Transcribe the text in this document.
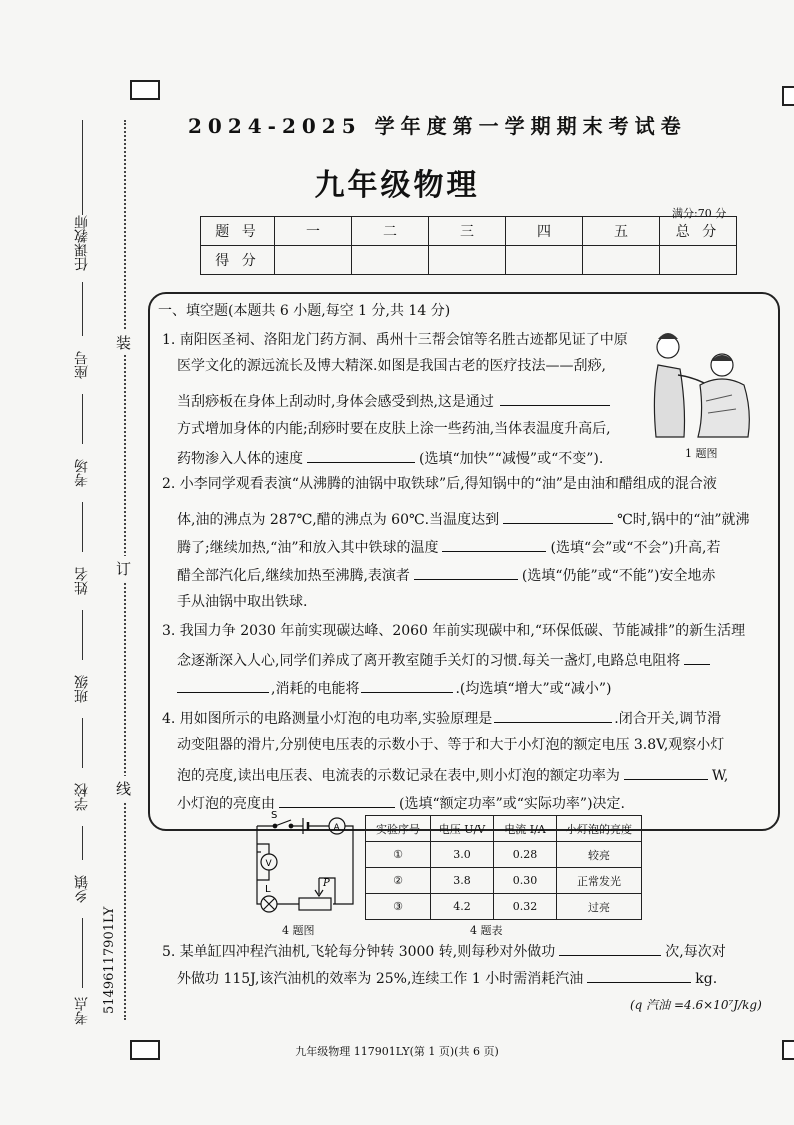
任课教师
座号
考场
姓名
班级
学校
乡镇
考点 51496117901LY
装
订
线
2024-2025 学年度第一学期期末考试卷
九年级物理
满分:70 分
题 号	一	二	三	四	五	总 分
得 分						
一、填空题(本题共 6 小题,每空 1 分,共 14 分)
1. 南阳医圣祠、洛阳龙门药方洞、禹州十三帮会馆等名胜古迹都见证了中原
医学文化的源远流长及博大精深.如图是我国古老的医疗技法——刮痧,
当刮痧板在身体上刮动时,身体会感受到热,这是通过
方式增加身体的内能;刮痧时要在皮肤上涂一些药油,当体表温度升高后,
药物渗入人体的速度	(选填“加快”“减慢”或“不变”).	1 题图
2. 小李同学观看表演“从沸腾的油锅中取铁球”后,得知锅中的“油”是由油和醋组成的混合液
体,油的沸点为 287℃,醋的沸点为 60℃.当温度达到	℃时,锅中的“油”就沸
腾了;继续加热,“油”和放入其中铁球的温度	(选填“会”或“不会”)升高,若
醋全部汽化后,继续加热至沸腾,表演者	(选填“仍能”或“不能”)安全地赤
手从油锅中取出铁球.
3. 我国力争 2030 年前实现碳达峰、2060 年前实现碳中和,“环保低碳、节能减排”的新生活理
念逐渐深入人心,同学们养成了离开教室随手关灯的习惯.每关一盏灯,电路总电阻将
,消耗的电能将	.(均选填“增大”或“减小”)
4. 用如图所示的电路测量小灯泡的电功率,实验原理是	.闭合开关,调节滑
动变阻器的滑片,分别使电压表的示数小于、等于和大于小灯泡的额定电压 3.8V,观察小灯
泡的亮度,读出电压表、电流表的示数记录在表中,则小灯泡的额定功率为	W,
小灯泡的亮度由	(选填“额定功率”或“实际功率”)决定.
S
A
V
L
P
4 题图
实验序号	电压 U/V	电流 I/A	小灯泡的亮度
①	3.0	0.28	较亮
②	3.8	0.30	正常发光
③	4.2	0.32	过亮
4 题表
5. 某单缸四冲程汽油机,飞轮每分钟转 3000 转,则每秒对外做功	次,每次对
外做功 115J,该汽油机的效率为 25%,连续工作 1 小时需消耗汽油	kg.
(q 汽油 =4.6×10⁷J/kg)
九年级物理 117901LY(第 1 页)(共 6 页)
